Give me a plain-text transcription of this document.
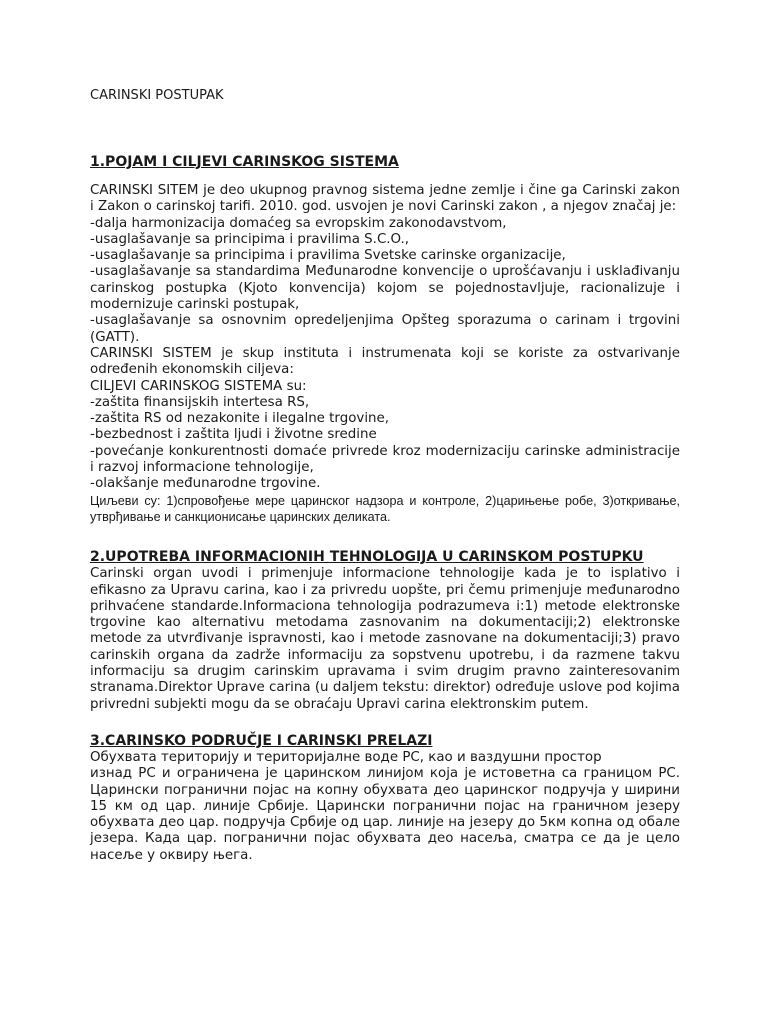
CARINSKI POSTUPAK
1.POJAM I CILJEVI CARINSKOG SISTEMA
CARINSKI SITEM je deo ukupnog pravnog sistema jedne zemlje i čine ga Carinski zakon i Zakon o carinskoj tarifi. 2010. god. usvojen je novi Carinski zakon , a njegov značaj je:
-dalja harmonizacija domaćeg sa evropskim zakonodavstvom,
-usaglašavanje sa principima i pravilima S.C.O.,
-usaglašavanje sa principima i pravilima Svetske carinske organizacije,
-usaglašavanje sa standardima Međunarodne konvencije o uprošćavanju i usklađivanju carinskog postupka (Kjoto konvencija) kojom se pojednostavljuje, racionalizuje i modernizuje carinski postupak,
-usaglašavanje sa osnovnim opredeljenjima Opšteg sporazuma o carinam i trgovini (GATT).
CARINSKI SISTEM je skup instituta i instrumenata koji se koriste za ostvarivanje određenih ekonomskih ciljeva:
CILJEVI CARINSKOG SISTEMA su:
-zaštita finansijskih intertesa RS,
-zaštita RS od nezakonite i ilegalne trgovine,
-bezbednost i zaštita ljudi i životne sredine
-povećanje konkurentnosti domaće privrede kroz modernizaciju carinske administracije i razvoj informacione tehnologije,
-olakšanje međunarodne trgovine.
Циљеви су: 1)спровођење мере царинског надзора и контроле, 2)царињење робе, 3)откривање, утврђивање и санкционисање царинских деликата.
2.UPOTREBA INFORMACIONIH TEHNOLOGIJA U CARINSKOM POSTUPKU
Carinski organ uvodi i primenjuje informacione tehnologije kada je to isplativo i efikasno za Upravu carina, kao i za privredu uopšte, pri čemu primenjuje međunarodno prihvaćene standarde.Informaciona tehnologija podrazumeva i:1) metode elektronske trgovine kao alternativu metodama zasnovanim na dokumentaciji;2) elektronske metode za utvrđivanje ispravnosti, kao i metode zasnovane na dokumentaciji;3) pravo carinskih organa da zadrže informaciju za sopstvenu upotrebu, i da razmene takvu informaciju sa drugim carinskim upravama i svim drugim pravno zainteresovanim stranama.Direktor Uprave carina (u daljem tekstu: direktor) određuje uslove pod kojima privredni subjekti mogu da se obraćaju Upravi carina elektronskim putem.
3.CARINSKO PODRUČJE I CARINSKI PRELAZI
Обухвата територију и територијалне воде РС, као и ваздушни простор
изнад РС и ограничена је царинском линијом која је истоветна са границом РС. Царински погранични појас на копну обухвата део царинског подручја у ширини 15 км од цар. линије Србије. Царински погранични појас на граничном језеру обухвата део цар. подручја Србије од цар. линије на језеру до 5км копна од обале језера. Када цар. погранични појас обухвата део насеља, сматра се да је цело насеље у оквиру њега.
